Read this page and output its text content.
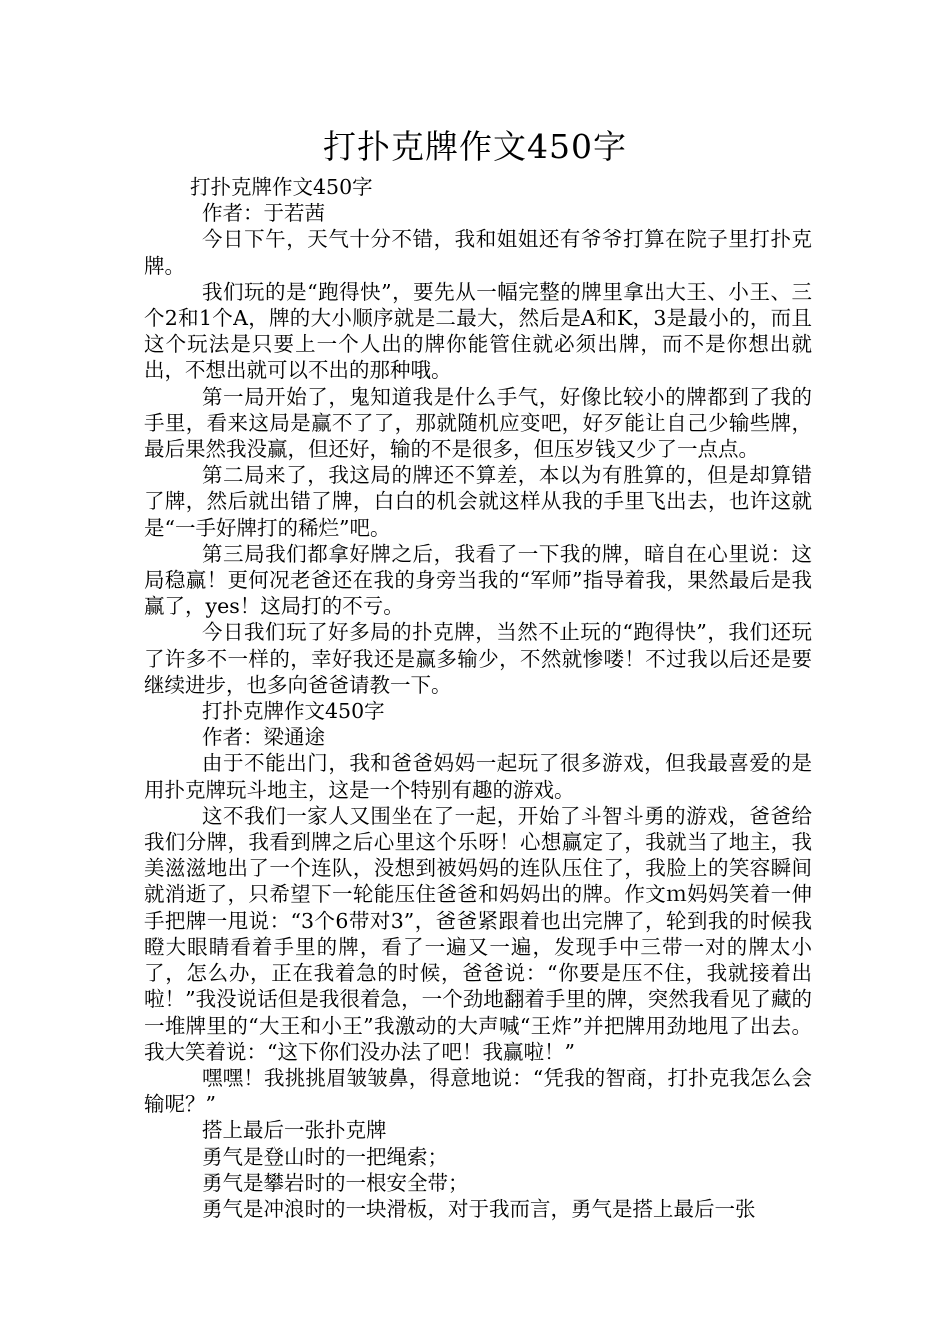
打扑克牌作文450字

打扑克牌作文450字

作者：于若茜

今日下午，天气十分不错，我和姐姐还有爷爷打算在院子里打扑克牌。

我们玩的是“跑得快”，要先从一幅完整的牌里拿出大王、小王、三个2和1个A，牌的大小顺序就是二最大，然后是A和K，3是最小的，而且这个玩法是只要上一个人出的牌你能管住就必须出牌，而不是你想出就出，不想出就可以不出的那种哦。

第一局开始了，鬼知道我是什么手气，好像比较小的牌都到了我的手里，看来这局是赢不了了，那就随机应变吧，好歹能让自己少输些牌，最后果然我没赢，但还好，输的不是很多，但压岁钱又少了一点点。

第二局来了，我这局的牌还不算差，本以为有胜算的，但是却算错了牌，然后就出错了牌，白白的机会就这样从我的手里飞出去，也许这就是“一手好牌打的稀烂”吧。

第三局我们都拿好牌之后，我看了一下我的牌，暗自在心里说：这局稳赢！更何况老爸还在我的身旁当我的“军师”指导着我，果然最后是我赢了，yes！这局打的不亏。

今日我们玩了好多局的扑克牌，当然不止玩的“跑得快”，我们还玩了许多不一样的，幸好我还是赢多输少，不然就惨喽！不过我以后还是要继续进步，也多向爸爸请教一下。

打扑克牌作文450字

作者：梁通途

由于不能出门，我和爸爸妈妈一起玩了很多游戏，但我最喜爱的是用扑克牌玩斗地主，这是一个特别有趣的游戏。

这不我们一家人又围坐在了一起，开始了斗智斗勇的游戏，爸爸给我们分牌，我看到牌之后心里这个乐呀！心想赢定了，我就当了地主，我美滋滋地出了一个连队，没想到被妈妈的连队压住了，我脸上的笑容瞬间就消逝了，只希望下一轮能压住爸爸和妈妈出的牌。作文ｍ妈妈笑着一伸手把牌一甩说：“3个6带对3”，爸爸紧跟着也出完牌了，轮到我的时候我瞪大眼睛看着手里的牌，看了一遍又一遍，发现手中三带一对的牌太小了，怎么办，正在我着急的时候，爸爸说：“你要是压不住，我就接着出啦！”我没说话但是我很着急，一个劲地翻着手里的牌，突然我看见了藏的一堆牌里的“大王和小王”我激动的大声喊“王炸”并把牌用劲地甩了出去。我大笑着说：“这下你们没办法了吧！我赢啦！”

嘿嘿！我挑挑眉皱皱鼻，得意地说：“凭我的智商，打扑克我怎么会输呢？”

搭上最后一张扑克牌

勇气是登山时的一把绳索；

勇气是攀岩时的一根安全带；

勇气是冲浪时的一块滑板，对于我而言，勇气是搭上最后一张
